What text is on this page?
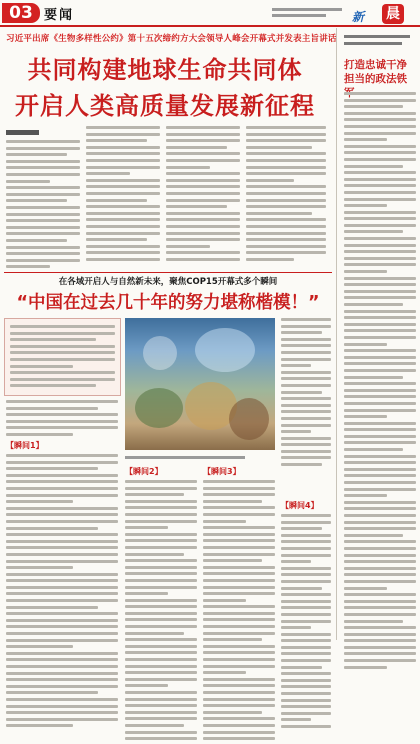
03 要闻	新 晨
习近平出席《生物多样性公约》第十五次缔约方大会领导人峰会开幕式并发表主旨讲话
共同构建地球生命共同体
开启人类高质量发展新征程
打造忠诚干净
担当的政法铁
在各域开启人与自然新未来，聚焦COP15开幕式多个瞬间
“中国在过去几十年的努力堪称楷模！”
【瞬间1】
【瞬间2】	【瞬间3】
【瞬间4】
